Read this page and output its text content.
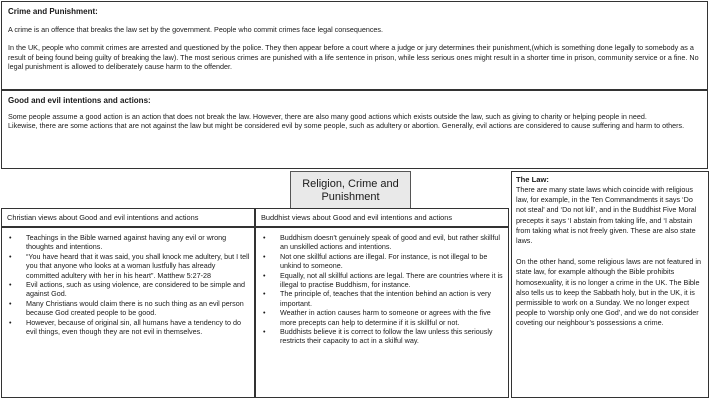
Crime and Punishment:

A crime is an offence that breaks the law set by the government. People who commit crimes face legal consequences.

In the UK, people who commit crimes are arrested and questioned by the police. They then appear before a court where a judge or jury determines their punishment,(which is something done legally to somebody as a result of being found being guilty of breaking the law). The most serious crimes are punished with a life sentence in prison, while less serious ones might result in a shorter time in prison, community service or a fine. No legal punishment is allowed to deliberately cause harm to the offender.

Good and evil intentions and actions:

Some people assume a good action is an action that does not break the law. However, there are also many good actions which exists outside the law, such as giving to charity or helping people in need.

Likewise, there are some actions that are not against the law but might be considered evil by some people, such as adultery or abortion. Generally, evil actions are considered to cause suffering and harm to others.

Religion, Crime and Punishment

The Law:

There are many state laws which coincide with religious law, for example, in the Ten Commandments it says ‘Do not steal’ and ‘Do not kill’, and in the Buddhist Five Moral precepts it says ‘I abstain from taking life, and ‘I abstain from taking what is not freely given. These are also state laws.

On the other hand, some religious laws are not featured in state law, for example although the Bible prohibits homosexuality, it is no longer a crime in the UK. The Bible also tells us to keep the Sabbath holy, but in the UK, it is permissible to work on a Sunday. We no longer expect people to ‘worship only one God’, and we do not consider coveting our neighbour’s possessions a crime.

Christian views about Good and evil intentions and actions	Buddhist views about Good and evil intentions and actions
• Teachings in the Bible warned against having any evil or wrong thoughts and intentions.
• “You have heard that it was said, you shall knock me adultery, but I tell you that anyone who looks at a woman lustfully has already committed adultery with her in his heart”. Matthew 5:27-28
• Evil actions, such as using violence, are considered to be simple and against God.
• Many Christians would claim there is no such thing as an evil person because God created people to be good.
• However, because of original sin, all humans have a tendency to do evil things, even though they are not evil in themselves.
• Buddhism doesn't genuinely speak of good and evil, but rather skillful an unskilled actions and intentions.
• Not one skillful actions are illegal. For instance, is not illegal to be unkind to someone.
• Equally, not all skillful actions are legal. There are countries where it is illegal to practise Buddhism, for instance.
• The principle of, teaches that the intention behind an action is very important.
• Weather in action causes harm to someone or agrees with the five more precepts can help to determine if it is skillful or not.
• Buddhists believe it is correct to follow the law unless this seriously restricts their capacity to act in a skilful way.
